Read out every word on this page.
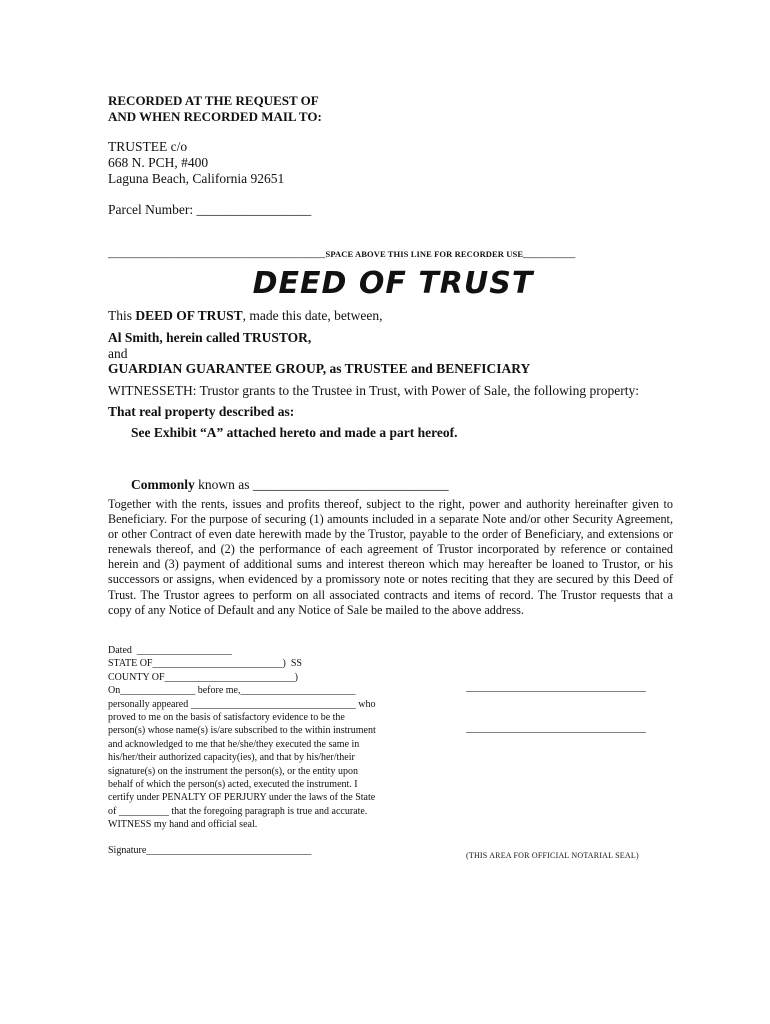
RECORDED AT THE REQUEST OF
AND WHEN RECORDED MAIL TO:
TRUSTEE c/o
668 N. PCH, #400
Laguna Beach, California 92651
Parcel Number: _________________
__________________________________________________SPACE ABOVE THIS LINE FOR RECORDER USE____________
DEED OF TRUST
This DEED OF TRUST, made this date, between,
Al Smith, herein called TRUSTOR,
and
GUARDIAN GUARANTEE GROUP, as TRUSTEE and BENEFICIARY
WITNESSETH: Trustor grants to the Trustee in Trust, with Power of Sale, the following property:
That real property described as:
See Exhibit “A” attached hereto and made a part hereof.
Commonly known as _____________________________

Together with the rents, issues and profits thereof, subject to the right, power and authority hereinafter given to Beneficiary. For the purpose of securing (1) amounts included in a separate Note and/or other Security Agreement, or other Contract of even date herewith made by the Trustor, payable to the order of Beneficiary, and extensions or renewals thereof, and (2) the performance of each agreement of Trustor incorporated by reference or contained herein and (3) payment of additional sums and interest thereon which may hereafter be loaned to Trustor, or his successors or assigns, when evidenced by a promissory note or notes reciting that they are secured by this Deed of Trust. The Trustor agrees to perform on all associated contracts and items of record. The Trustor requests that a copy of any Notice of Default and any Notice of Sale be mailed to the above address.

Dated  ___________________
STATE OF__________________________)  SS
COUNTY OF__________________________)
On_______________ before me,_______________________
personally appeared _________________________________ who
proved to me on the basis of satisfactory evidence to be the
person(s) whose name(s) is/are subscribed to the within instrument
and acknowledged to me that he/she/they executed the same in
his/her/their authorized capacity(ies), and that by his/her/their
signature(s) on the instrument the person(s), or the entity upon
behalf of which the person(s) acted, executed the instrument. I
certify under PENALTY OF PERJURY under the laws of the State
of __________ that the foregoing paragraph is true and accurate.
WITNESS my hand and official seal.

Signature_________________________________
____________________________________
____________________________________
(THIS AREA FOR OFFICIAL NOTARIAL SEAL)
